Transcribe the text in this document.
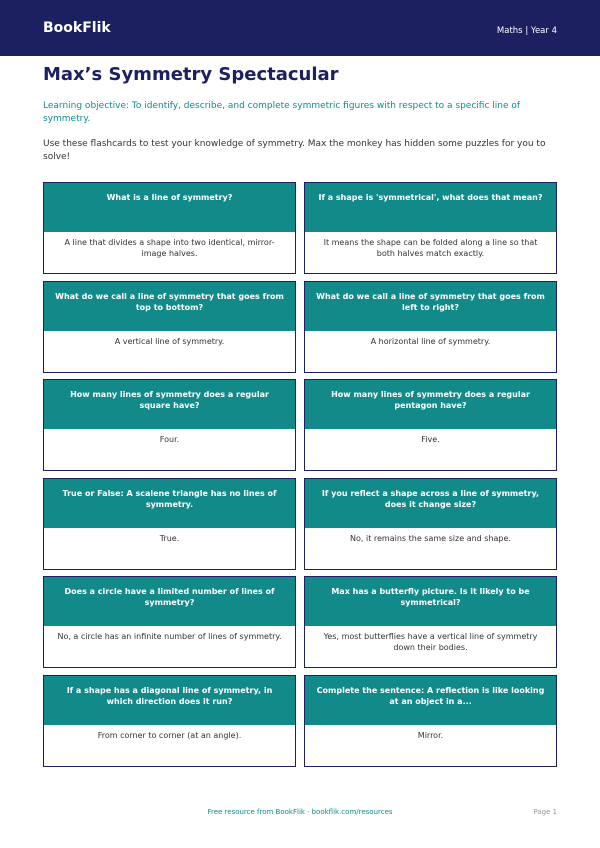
BookFlik	Maths | Year 4
Max’s Symmetry Spectacular
Learning objective: To identify, describe, and complete symmetric figures with respect to a specific line of symmetry.
Use these flashcards to test your knowledge of symmetry. Max the monkey has hidden some puzzles for you to solve!
What is a line of symmetry?
A line that divides a shape into two identical, mirror-image halves.
If a shape is 'symmetrical', what does that mean?
It means the shape can be folded along a line so that both halves match exactly.
What do we call a line of symmetry that goes from top to bottom?
A vertical line of symmetry.
What do we call a line of symmetry that goes from left to right?
A horizontal line of symmetry.
How many lines of symmetry does a regular square have?
Four.
How many lines of symmetry does a regular pentagon have?
Five.
True or False: A scalene triangle has no lines of symmetry.
True.
If you reflect a shape across a line of symmetry, does it change size?
No, it remains the same size and shape.
Does a circle have a limited number of lines of symmetry?
No, a circle has an infinite number of lines of symmetry.
Max has a butterfly picture. Is it likely to be symmetrical?
Yes, most butterflies have a vertical line of symmetry down their bodies.
If a shape has a diagonal line of symmetry, in which direction does it run?
From corner to corner (at an angle).
Complete the sentence: A reflection is like looking at an object in a...
Mirror.
Free resource from BookFlik · bookflik.com/resources	Page 1
